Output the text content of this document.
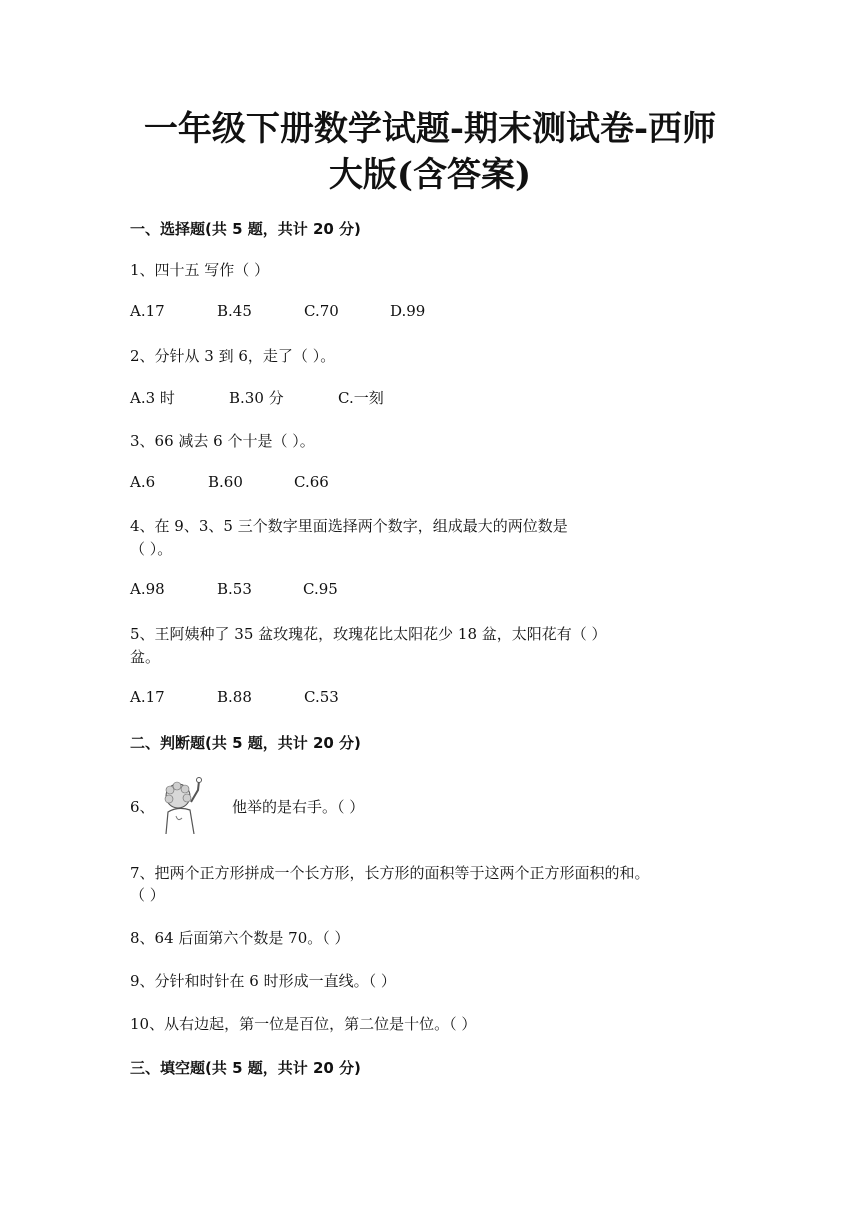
一年级下册数学试题-期末测试卷-西师
大版(含答案)
一、选择题(共 5 题，共计 20 分)
1、四十五 写作（ ）
A.17	B.45	C.70	D.99
2、分针从 3 到 6，走了（ ）。
A.3 时	B.30 分	C.一刻
3、66 减去 6 个十是（ ）。
A.6	B.60	C.66
4、在 9、3、5 三个数字里面选择两个数字，组成最大的两位数是
（ ）。
A.98	B.53	C.95
5、王阿姨种了 35 盆玫瑰花，玫瑰花比太阳花少 18 盆，太阳花有（ ）
盆。
A.17	B.88	C.53
二、判断题(共 5 题，共计 20 分)
6、	他举的是右手。（ ）
7、把两个正方形拼成一个长方形，长方形的面积等于这两个正方形面积的和。
（ ）
8、64 后面第六个数是 70。（ ）
9、分针和时针在 6 时形成一直线。（ ）
10、从右边起，第一位是百位，第二位是十位。（ ）
三、填空题(共 5 题，共计 20 分)
